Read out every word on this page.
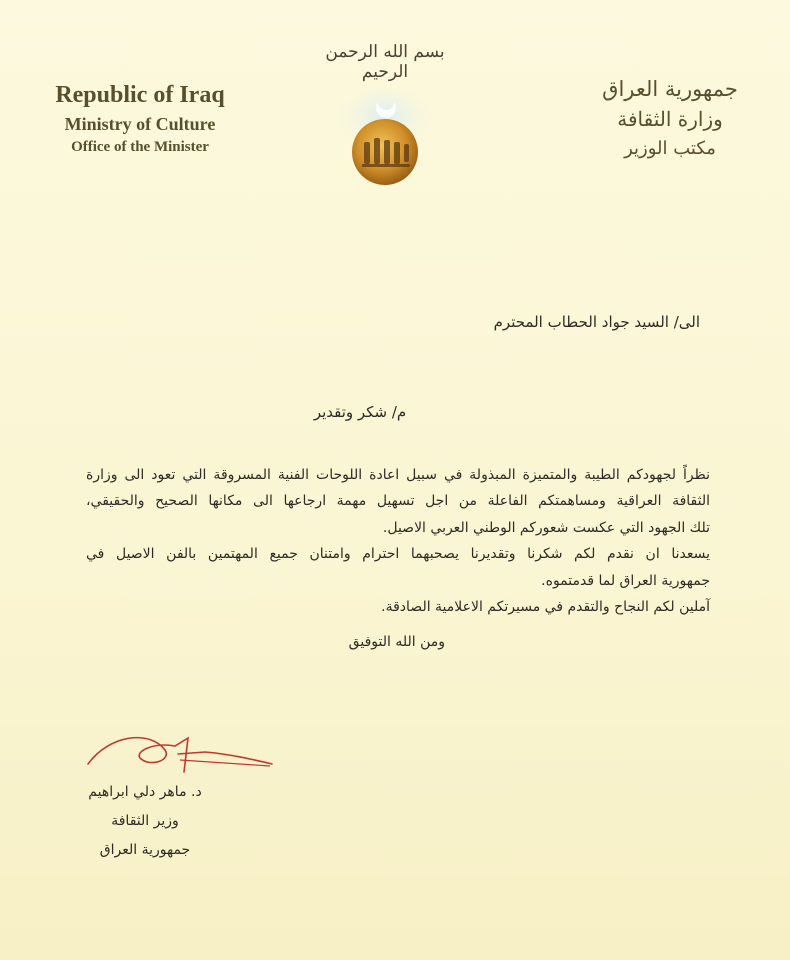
Republic of Iraq
Ministry of Culture
Office of the Minister
بسم الله الرحمن الرحيم
جمهورية العراق
وزارة الثقافة
مكتب الوزير
الى/ السيد جواد الحطاب المحترم
م/ شكر وتقدير

نظراً لجهودكم الطيبة والمتميزة المبذولة في سبيل اعادة اللوحات الفنية المسروقة التي تعود الى وزارة

الثقافة العراقية ومساهمتكم الفاعلة من اجل تسهيل مهمة ارجاعها الى مكانها الصحيح والحقيقي،

تلك الجهود التي عكست شعوركم الوطني العربي الاصيل.

يسعدنا ان نقدم لكم شكرنا وتقديرنا يصحبهما احترام وامتنان جميع المهتمين بالفن الاصيل في

جمهورية العراق لما قدمتموه.

آملين لكم النجاح والتقدم في مسيرتكم الاعلامية الصادقة.

ومن الله التوفيق
د. ماهر دلي ابراهيم
وزير الثقافة
جمهورية العراق
